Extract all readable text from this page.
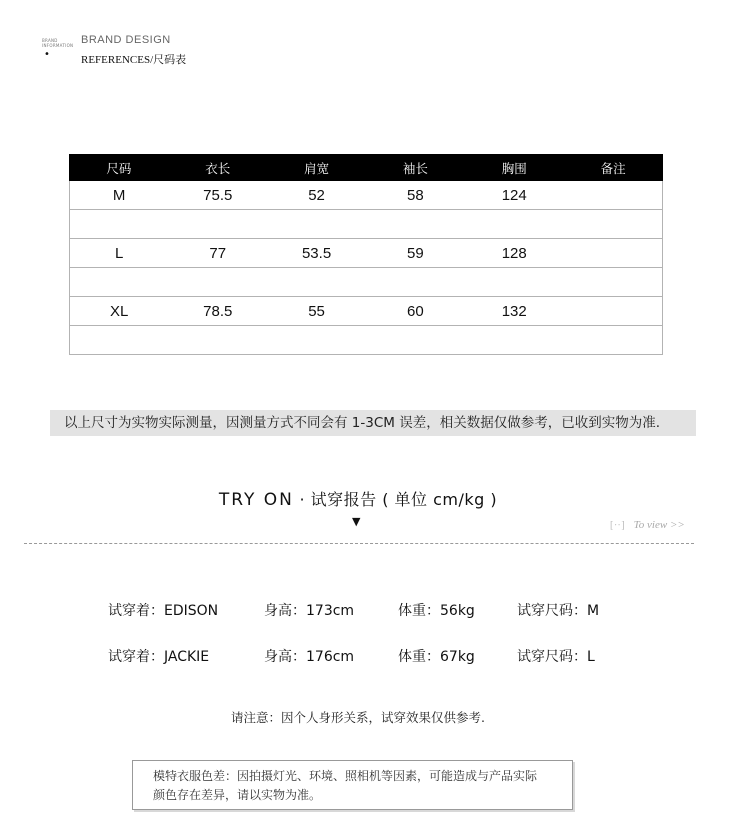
BRAND
INFORMATION
•
BRAND DESIGN
REFERENCES/尺码表
尺码	衣长	肩宽	袖长	胸围	备注
M	75.5	52	58	124	

L	77	53.5	59	128	

XL	78.5	55	60	132	

以上尺寸为实物实际测量，因测量方式不同会有 1-3CM 误差，相关数据仅做参考，已收到实物为准.
TRY ON · 试穿报告 ( 单位 cm/kg )
▼	[∙∙] To view >>
试穿着：EDISON	身高：173cm	体重：56kg	试穿尺码：M
试穿着：JACKIE	身高：176cm	体重：67kg	试穿尺码：L
请注意：因个人身形关系，试穿效果仅供参考.
模特衣服色差：因拍摄灯光、环境、照相机等因素，可能造成与产品实际
颜色存在差异，请以实物为准。
